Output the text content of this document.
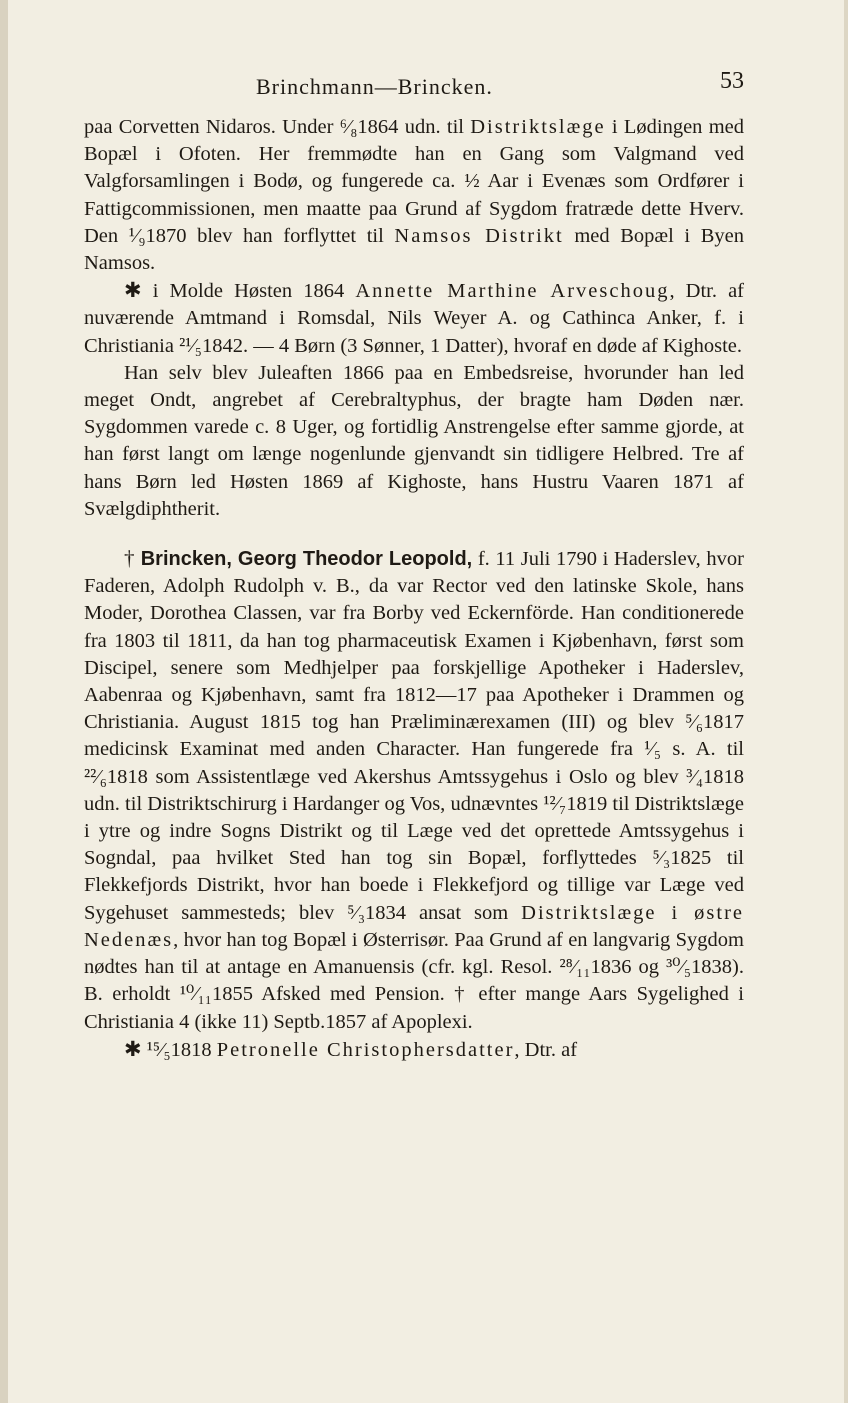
Brinchmann—Brincken.	53

paa Corvetten Nidaros. Under ⁶⁄₈1864 udn. til Distriktslæge i Lødingen med Bopæl i Ofoten. Her fremmødte han en Gang som Valgmand ved Valgforsamlingen i Bodø, og fungerede ca. ½ Aar i Evenæs som Ordfører i Fattigcommissionen, men maatte paa Grund af Sygdom fratræde dette Hverv. Den ¹⁄₉1870 blev han forflyttet til Namsos Distrikt med Bopæl i Byen Namsos.

✱ i Molde Høsten 1864 Annette Marthine Arveschoug, Dtr. af nuværende Amtmand i Romsdal, Nils Weyer A. og Cathinca Anker, f. i Christiania ²¹⁄₅1842. — 4 Børn (3 Sønner, 1 Datter), hvoraf en døde af Kighoste.

Han selv blev Juleaften 1866 paa en Embedsreise, hvorunder han led meget Ondt, angrebet af Cerebraltyphus, der bragte ham Døden nær. Sygdommen varede c. 8 Uger, og fortidlig Anstrengelse efter samme gjorde, at han først langt om længe nogenlunde gjenvandt sin tidligere Helbred. Tre af hans Børn led Høsten 1869 af Kighoste, hans Hustru Vaaren 1871 af Svælgdiphtherit.

† Brincken, Georg Theodor Leopold, f. 11 Juli 1790 i Haderslev, hvor Faderen, Adolph Rudolph v. B., da var Rector ved den latinske Skole, hans Moder, Dorothea Classen, var fra Borby ved Eckernförde. Han conditionerede fra 1803 til 1811, da han tog pharmaceutisk Examen i Kjøbenhavn, først som Discipel, senere som Medhjelper paa forskjellige Apotheker i Haderslev, Aabenraa og Kjøbenhavn, samt fra 1812—17 paa Apotheker i Drammen og Christiania. August 1815 tog han Præliminærexamen (III) og blev ⁵⁄₆1817 medicinsk Examinat med anden Character. Han fungerede fra ¹⁄₅ s. A. til ²²⁄₆1818 som Assistentlæge ved Akershus Amtssygehus i Oslo og blev ³⁄₄1818 udn. til Distriktschirurg i Hardanger og Vos, udnævntes ¹²⁄₇1819 til Distriktslæge i ytre og indre Sogns Distrikt og til Læge ved det oprettede Amtssygehus i Sogndal, paa hvilket Sted han tog sin Bopæl, forflyttedes ⁵⁄₃1825 til Flekkefjords Distrikt, hvor han boede i Flekkefjord og tillige var Læge ved Sygehuset sammesteds; blev ⁵⁄₃1834 ansat som Distriktslæge i østre Nedenæs, hvor han tog Bopæl i Østerrisør. Paa Grund af en langvarig Sygdom nødtes han til at antage en Amanuensis (cfr. kgl. Resol. ²⁸⁄₁₁1836 og ³⁰⁄₅1838). B. erholdt ¹⁰⁄₁₁1855 Afsked med Pension. † efter mange Aars Sygelighed i Christiania 4 (ikke 11) Septb.1857 af Apoplexi.

✱ ¹⁵⁄₅1818 Petronelle Christophersdatter, Dtr. af
